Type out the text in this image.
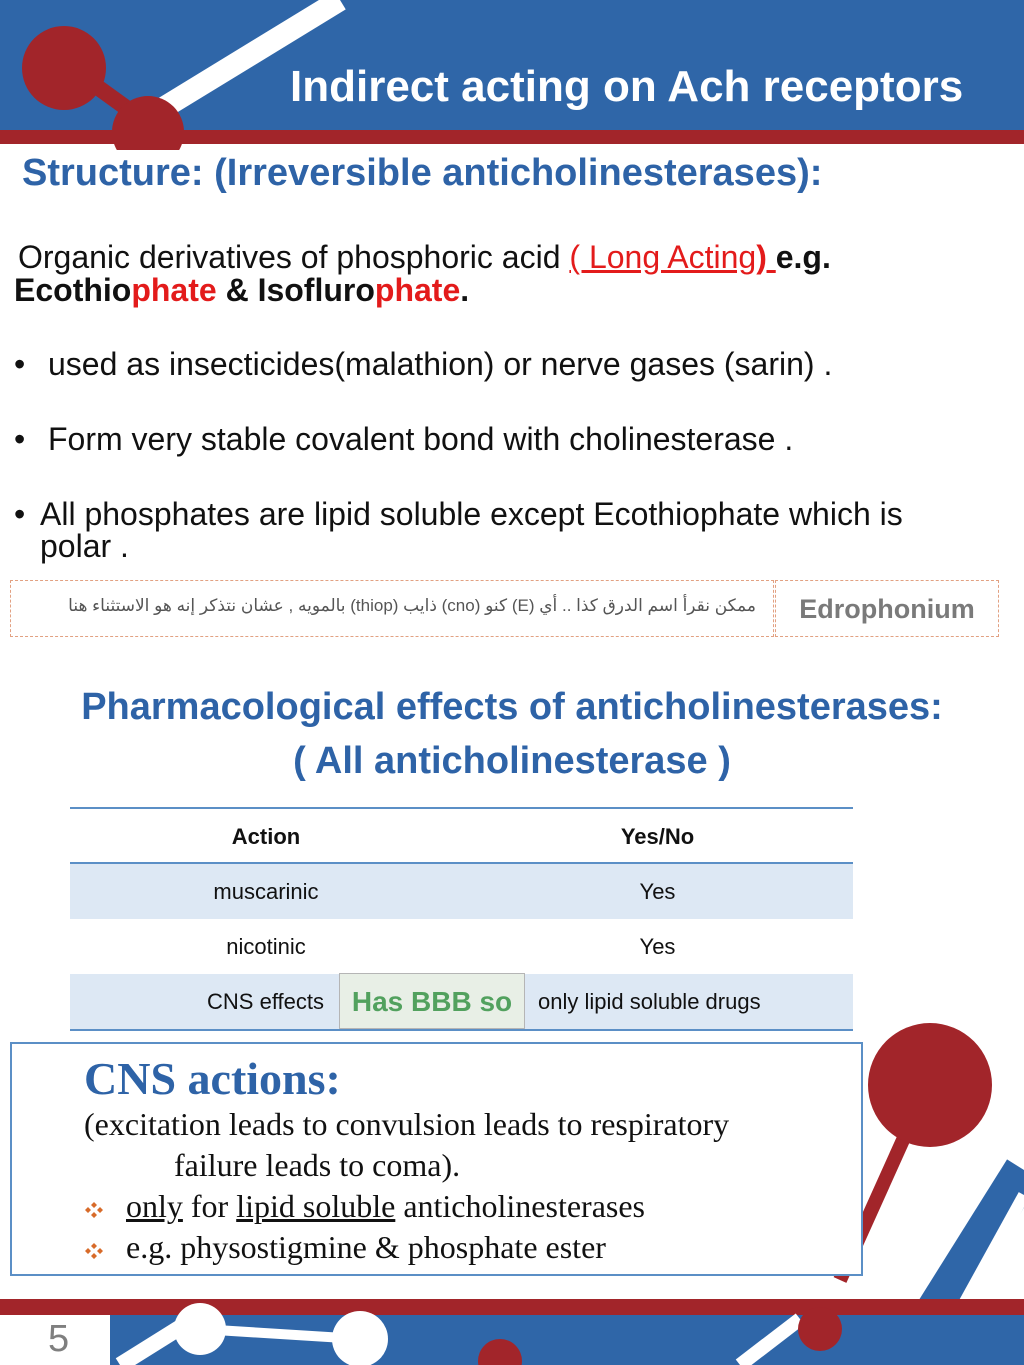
Indirect acting on Ach receptors
Structure: (Irreversible anticholinesterases):
Organic derivatives of phosphoric acid ( Long Acting) e.g.
Ecothiophate & Isoflurophate.
• used as insecticides(malathion) or nerve gases (sarin) .
• Form very stable covalent bond with cholinesterase .
• All phosphates are lipid soluble except Ecothiophate which is
polar .
ممكن نقرأ اسم الدرق كذا .. أي (E) كنو (cno) ذايب (thiop) بالمويه , عشان نتذكر إنه هو الاستثناء هنا	Edrophonium
Pharmacological effects of anticholinesterases:
( All anticholinesterase )
Action	Yes/No
muscarinic	Yes
nicotinic	Yes
CNS effects	only lipid soluble drugs
Has BBB so
CNS actions:
(excitation leads to convulsion leads to respiratory
failure leads to coma).
only for lipid soluble anticholinesterases
e.g. physostigmine & phosphate ester
5
